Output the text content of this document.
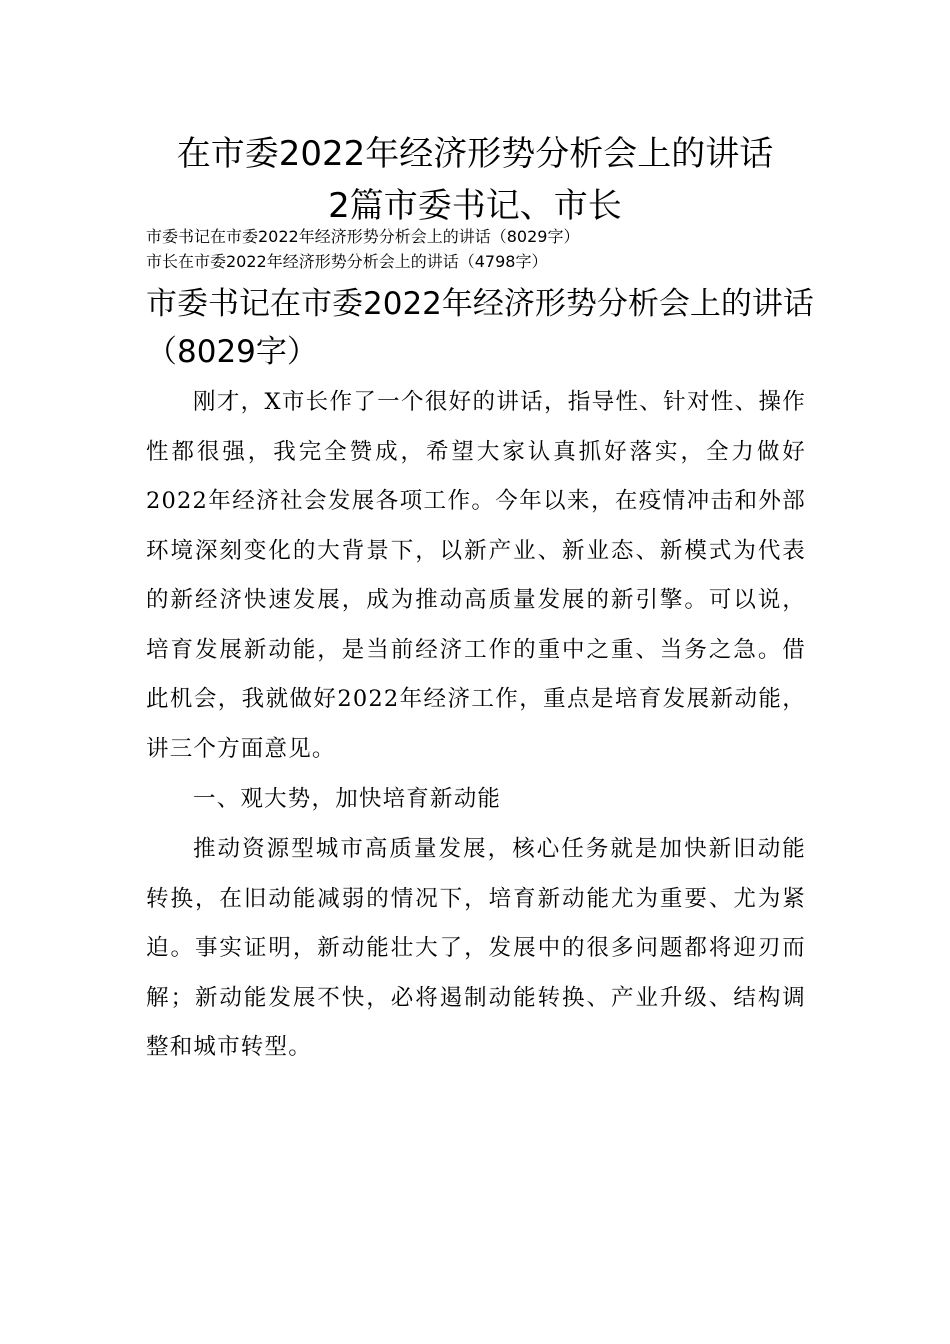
在市委2022年经济形势分析会上的讲话
2篇市委书记、市长
市委书记在市委2022年经济形势分析会上的讲话（8029字）
市长在市委2022年经济形势分析会上的讲话（4798字）
市委书记在市委2022年经济形势分析会上的讲话（8029字）

刚才，X市长作了一个很好的讲话，指导性、针对性、操作性都很强，我完全赞成，希望大家认真抓好落实，全力做好2022年经济社会发展各项工作。今年以来，在疫情冲击和外部环境深刻变化的大背景下，以新产业、新业态、新模式为代表的新经济快速发展，成为推动高质量发展的新引擎。可以说，培育发展新动能，是当前经济工作的重中之重、当务之急。借此机会，我就做好2022年经济工作，重点是培育发展新动能，讲三个方面意见。

一、观大势，加快培育新动能

推动资源型城市高质量发展，核心任务就是加快新旧动能转换，在旧动能减弱的情况下，培育新动能尤为重要、尤为紧迫。事实证明，新动能壮大了，发展中的很多问题都将迎刃而解；新动能发展不快，必将遏制动能转换、产业升级、结构调整和城市转型。
